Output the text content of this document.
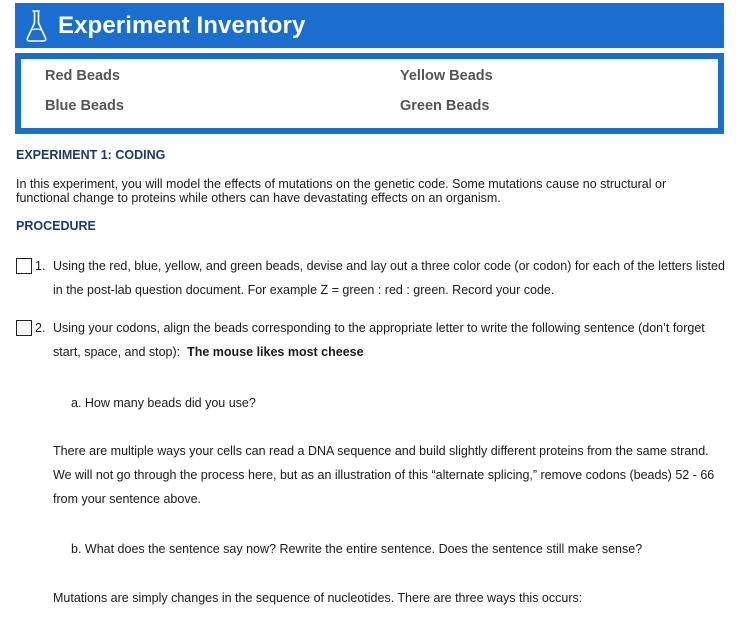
Experiment Inventory
Red Beads	Yellow Beads
Blue Beads	Green Beads
EXPERIMENT 1: CODING
In this experiment, you will model the effects of mutations on the genetic code. Some mutations cause no structural or functional change to proteins while others can have devastating effects on an organism.
PROCEDURE
1. Using the red, blue, yellow, and green beads, devise and lay out a three color code (or codon) for each of the letters listed in the post-lab question document. For example Z = green : red : green. Record your code.
2. Using your codons, align the beads corresponding to the appropriate letter to write the following sentence (don’t forget start, space, and stop): The mouse likes most cheese
a. How many beads did you use?
There are multiple ways your cells can read a DNA sequence and build slightly different proteins from the same strand. We will not go through the process here, but as an illustration of this “alternate splicing,” remove codons (beads) 52 - 66 from your sentence above.
b. What does the sentence say now? Rewrite the entire sentence. Does the sentence still make sense?
Mutations are simply changes in the sequence of nucleotides. There are three ways this occurs:
